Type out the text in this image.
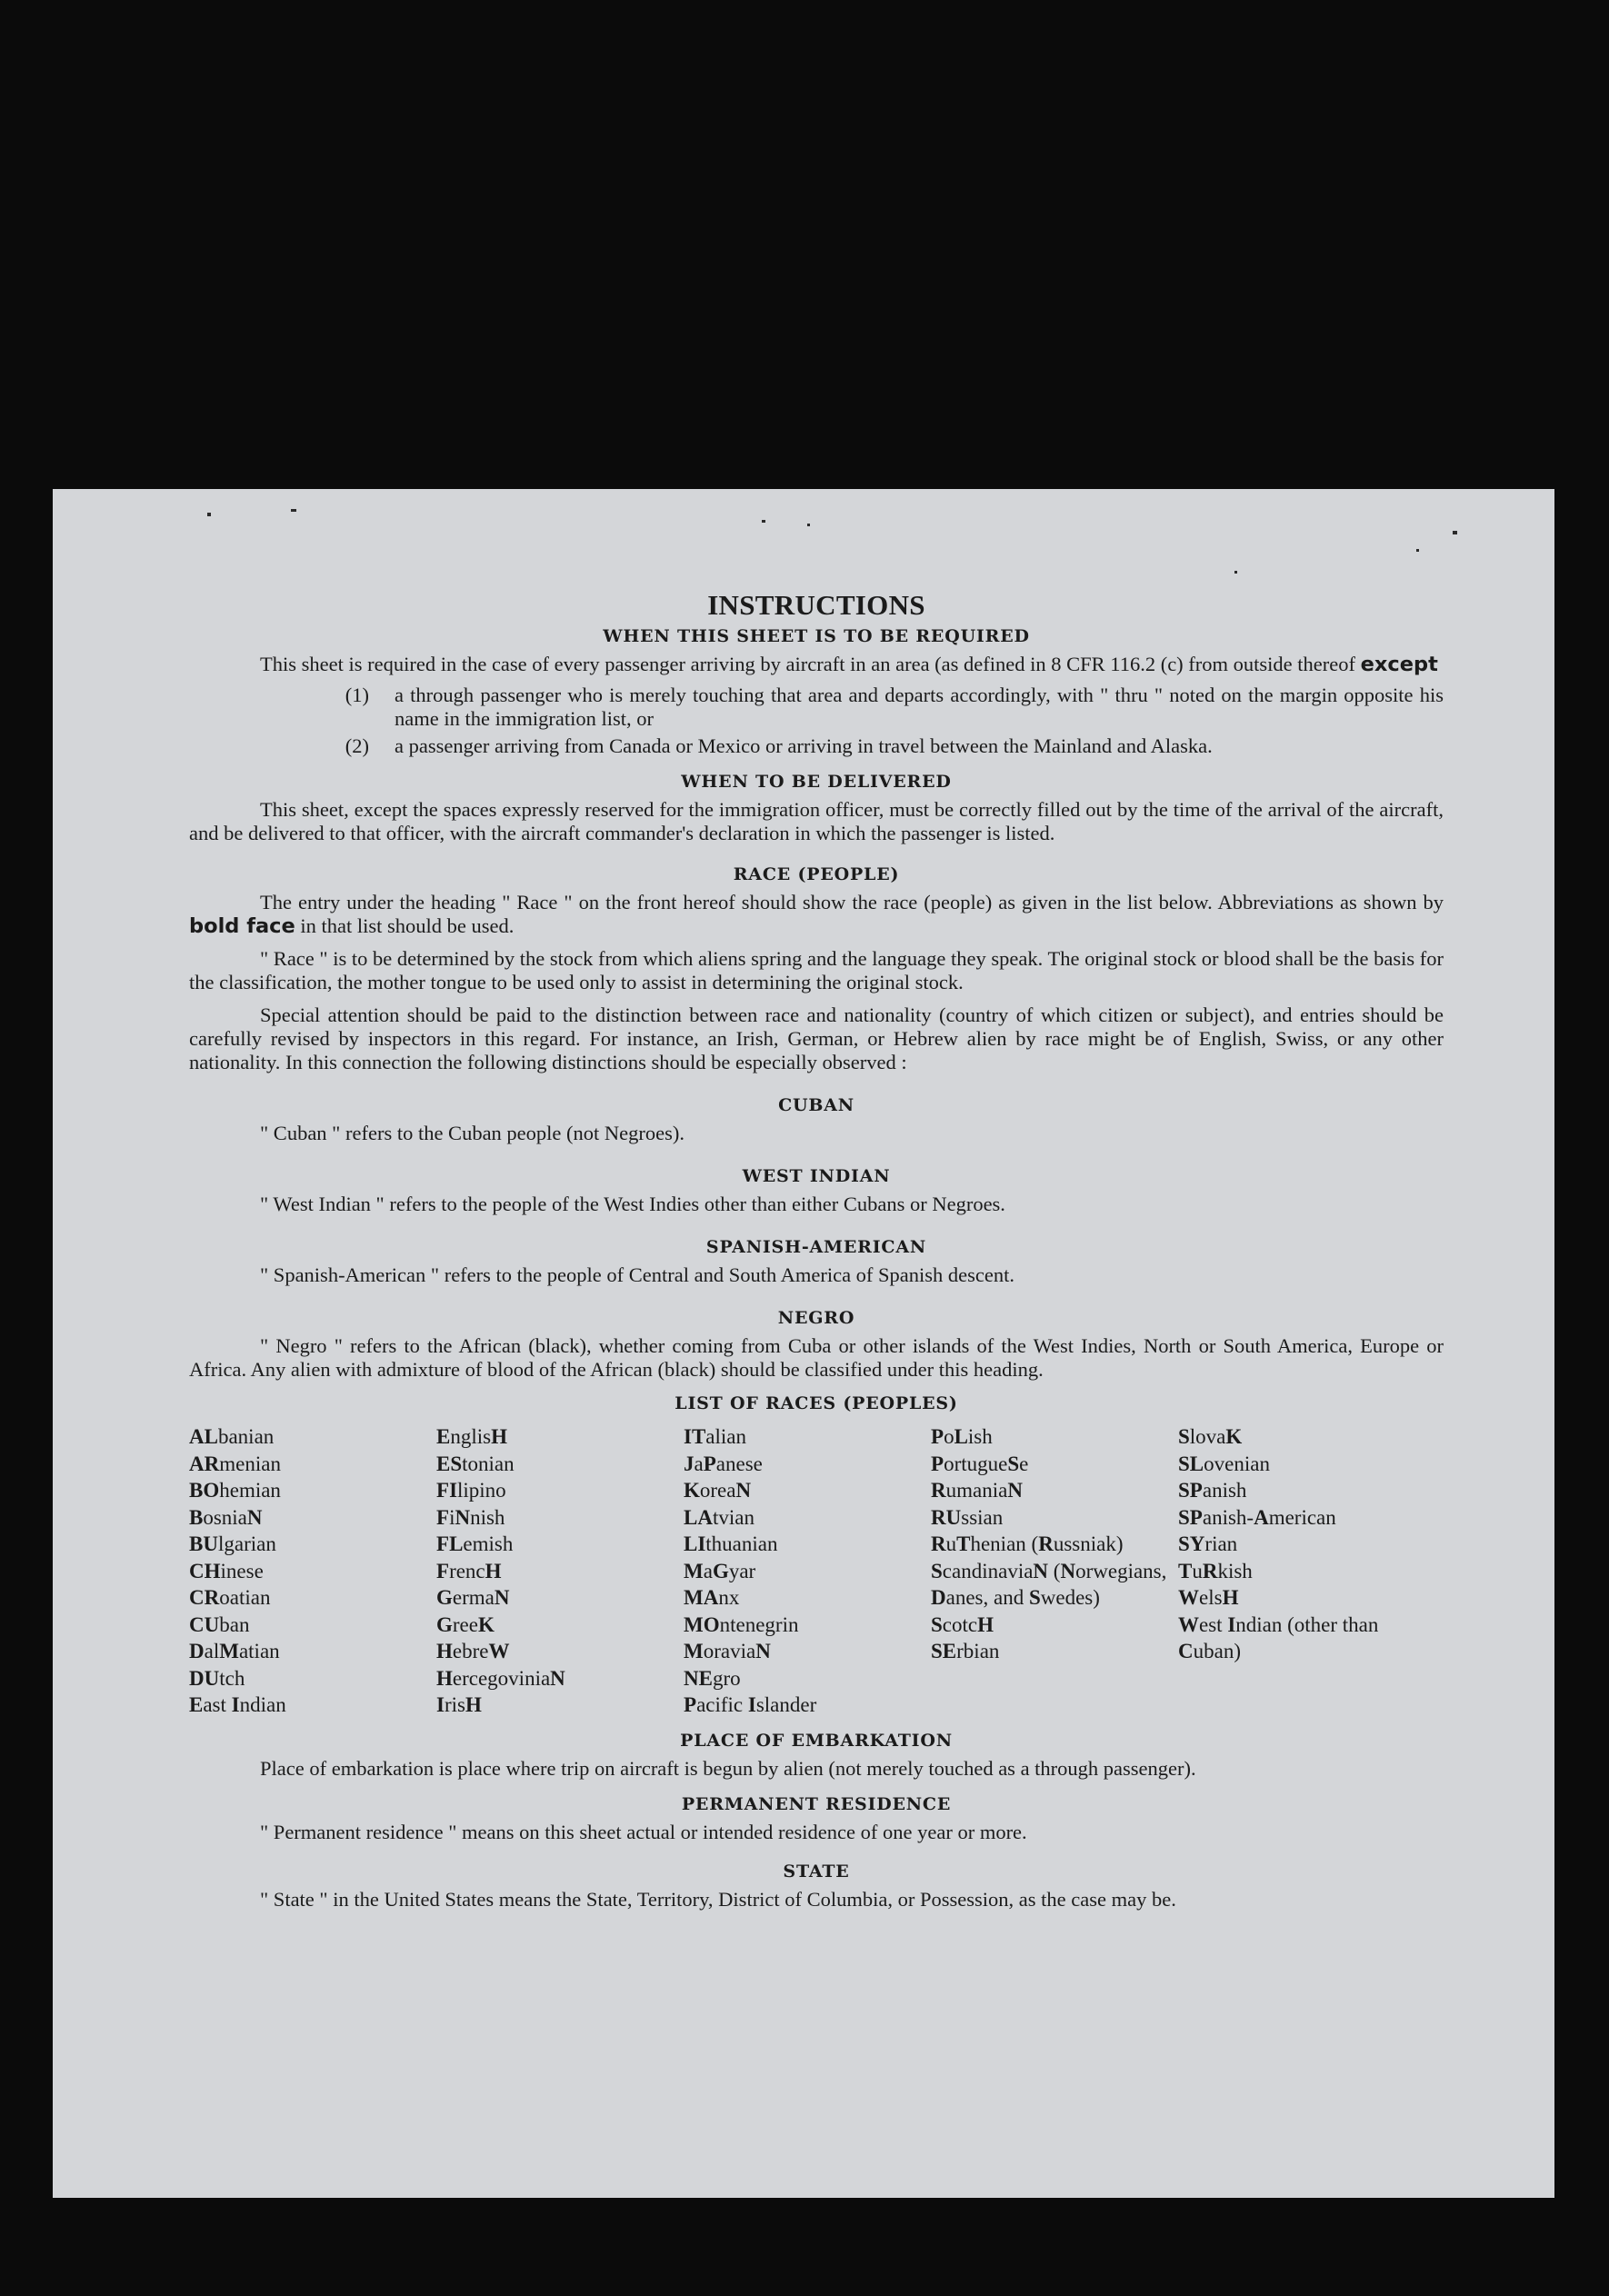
INSTRUCTIONS
WHEN THIS SHEET IS TO BE REQUIRED

This sheet is required in the case of every passenger arriving by aircraft in an area (as defined in 8 CFR 116.2 (c) from outside thereof except

(1)	a through passenger who is merely touching that area and departs accordingly, with " thru " noted on the margin opposite his name in the immigration list, or
(2)	a passenger arriving from Canada or Mexico or arriving in travel between the Mainland and Alaska.
WHEN TO BE DELIVERED

This sheet, except the spaces expressly reserved for the immigration officer, must be correctly filled out by the time of the arrival of the aircraft, and be delivered to that officer, with the aircraft commander's declaration in which the passenger is listed.

RACE (PEOPLE)

The entry under the heading " Race " on the front hereof should show the race (people) as given in the list below. Abbreviations as shown by bold face in that list should be used.

" Race " is to be determined by the stock from which aliens spring and the language they speak. The original stock or blood shall be the basis for the classification, the mother tongue to be used only to assist in determining the original stock.

Special attention should be paid to the distinction between race and nationality (country of which citizen or subject), and entries should be carefully revised by inspectors in this regard. For instance, an Irish, German, or Hebrew alien by race might be of English, Swiss, or any other nationality. In this connection the following distinctions should be especially observed :

CUBAN

" Cuban " refers to the Cuban people (not Negroes).

WEST INDIAN

" West Indian " refers to the people of the West Indies other than either Cubans or Negroes.

SPANISH-AMERICAN

" Spanish-American " refers to the people of Central and South America of Spanish descent.

NEGRO

" Negro " refers to the African (black), whether coming from Cuba or other islands of the West Indies, North or South America, Europe or Africa. Any alien with admixture of blood of the African (black) should be classified under this heading.

LIST OF RACES (PEOPLES)
ALbanian
ARmenian
BOhemian
BosniaN
BUlgarian
CHinese
CRoatian
CUban
DalMatian
DUtch
East Indian
EnglisH
EStonian
FIlipino
FiNnish
FLemish
FrencH
GermaN
GreeK
HebreW
HercegoviniaN
IrisH
ITalian
JaPanese
KoreaN
LAtvian
LIthuanian
MaGyar
MAnx
MOntenegrin
MoraviaN
NEgro
Pacific Islander
PoLish
PortugueSe
RumaniaN
RUssian
RuThenian (Russniak)
ScandinaviaN (Norwegians, Danes, and Swedes)
ScotcH
SErbian
SlovaK
SLovenian
SPanish
SPanish-American
SYrian
TuRkish
WelsH
West Indian (other than Cuban)
PLACE OF EMBARKATION

Place of embarkation is place where trip on aircraft is begun by alien (not merely touched as a through passenger).

PERMANENT RESIDENCE

" Permanent residence " means on this sheet actual or intended residence of one year or more.

STATE

" State " in the United States means the State, Territory, District of Columbia, or Possession, as the case may be.
